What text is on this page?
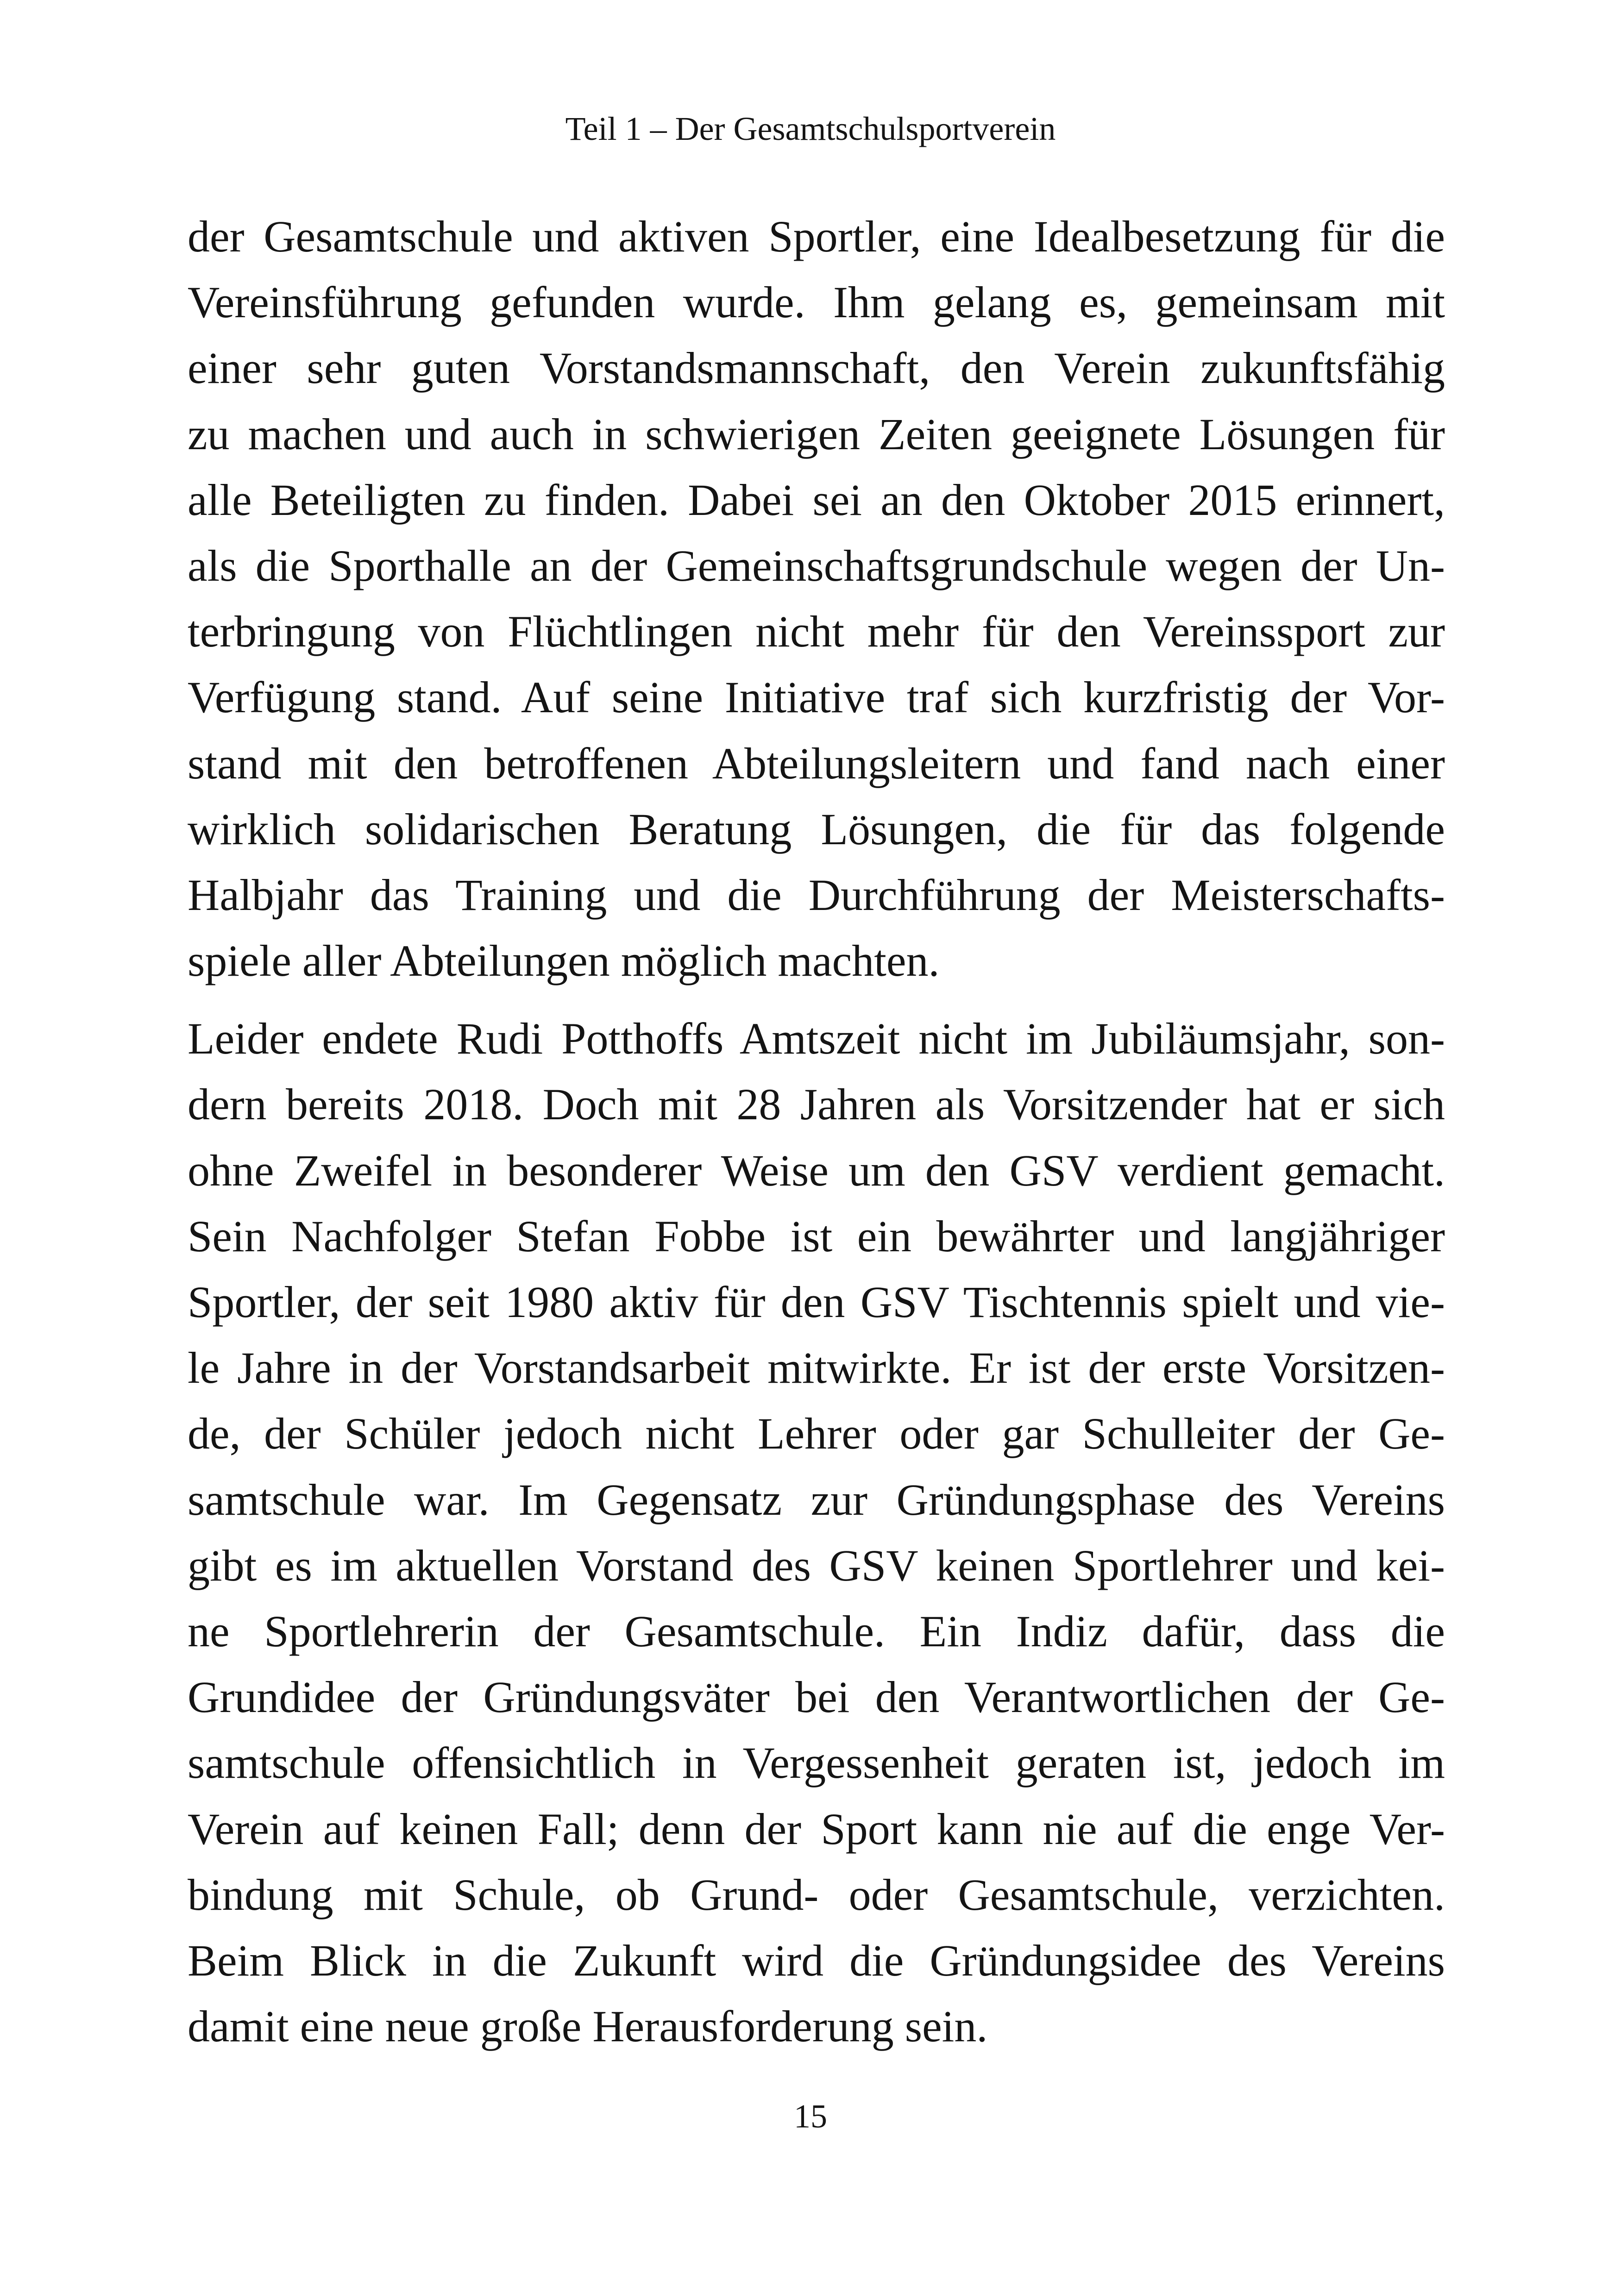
Teil 1 – Der Gesamtschulsportverein
der Gesamtschule und aktiven Sportler, eine Idealbesetzung für die
Vereinsführung gefunden wurde. Ihm gelang es, gemeinsam mit
einer sehr guten Vorstandsmannschaft, den Verein zukunftsfähig
zu machen und auch in schwierigen Zeiten geeignete Lösungen für
alle Beteiligten zu finden. Dabei sei an den Oktober 2015 erinnert,
als die Sporthalle an der Gemeinschaftsgrundschule wegen der Un-
terbringung von Flüchtlingen nicht mehr für den Vereinssport zur
Verfügung stand. Auf seine Initiative traf sich kurzfristig der Vor-
stand mit den betroffenen Abteilungsleitern und fand nach einer
wirklich solidarischen Beratung Lösungen, die für das folgende
Halbjahr das Training und die Durchführung der Meisterschafts-
spiele aller Abteilungen möglich machten.
Leider endete Rudi Potthoffs Amtszeit nicht im Jubiläumsjahr, son-
dern bereits 2018. Doch mit 28 Jahren als Vorsitzender hat er sich
ohne Zweifel in besonderer Weise um den GSV verdient gemacht.
Sein Nachfolger Stefan Fobbe ist ein bewährter und langjähriger
Sportler, der seit 1980 aktiv für den GSV Tischtennis spielt und vie-
le Jahre in der Vorstandsarbeit mitwirkte. Er ist der erste Vorsitzen-
de, der Schüler jedoch nicht Lehrer oder gar Schulleiter der Ge-
samtschule war. Im Gegensatz zur Gründungsphase des Vereins
gibt es im aktuellen Vorstand des GSV keinen Sportlehrer und kei-
ne Sportlehrerin der Gesamtschule. Ein Indiz dafür, dass die
Grundidee der Gründungsväter bei den Verantwortlichen der Ge-
samtschule offensichtlich in Vergessenheit geraten ist, jedoch im
Verein auf keinen Fall; denn der Sport kann nie auf die enge Ver-
bindung mit Schule, ob Grund- oder Gesamtschule, verzichten.
Beim Blick in die Zukunft wird die Gründungsidee des Vereins
damit eine neue große Herausforderung sein.
15
